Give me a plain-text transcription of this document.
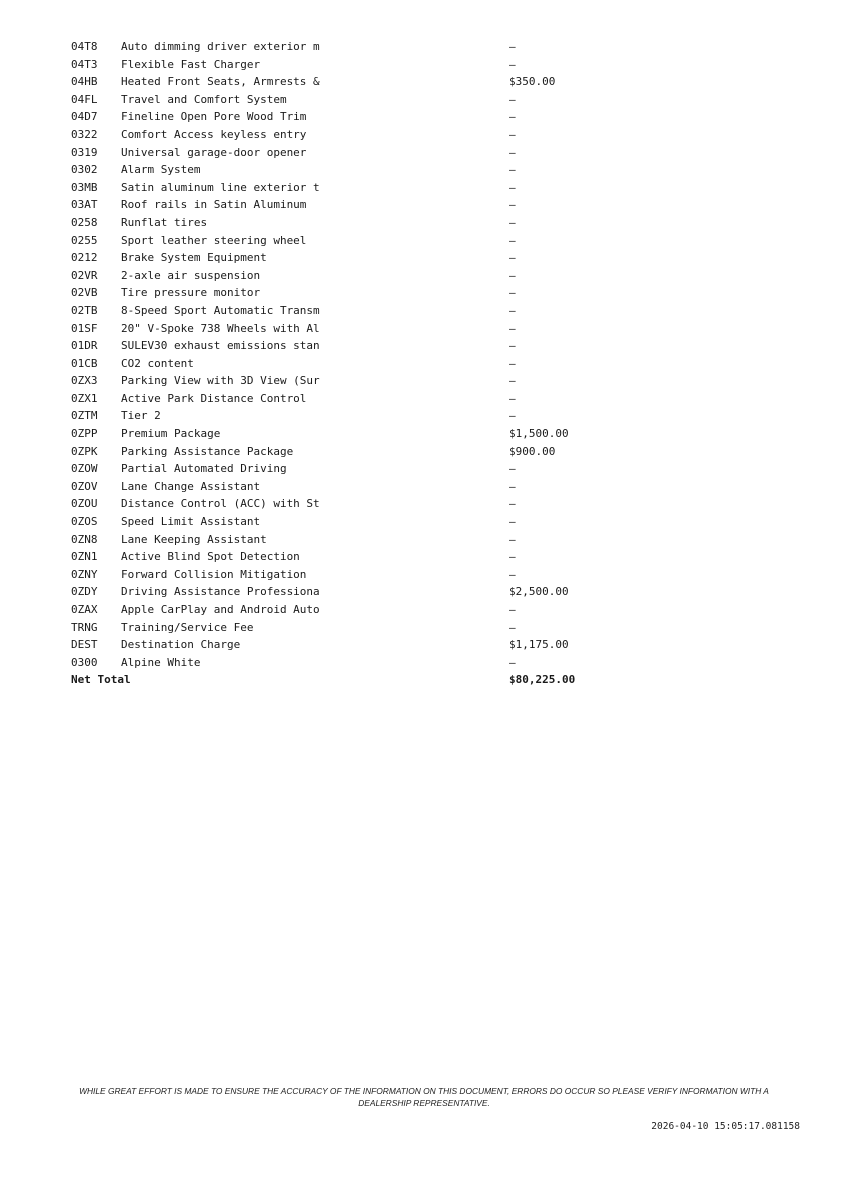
04T8 Auto dimming driver exterior m	—
04T3 Flexible Fast Charger	—
04HB Heated Front Seats, Armrests &	$350.00
04FL Travel and Comfort System	—
04D7 Fineline Open Pore Wood Trim	—
0322 Comfort Access keyless entry	—
0319 Universal garage-door opener	—
0302 Alarm System	—
03MB Satin aluminum line exterior t	—
03AT Roof rails in Satin Aluminum	—
0258 Runflat tires	—
0255 Sport leather steering wheel	—
0212 Brake System Equipment	—
02VR 2-axle air suspension	—
02VB Tire pressure monitor	—
02TB 8-Speed Sport Automatic Transm	—
01SF 20" V-Spoke 738 Wheels with Al	—
01DR SULEV30 exhaust emissions stan	—
01CB CO2 content	—
0ZX3 Parking View with 3D View (Sur	—
0ZX1 Active Park Distance Control	—
0ZTM Tier 2	—
0ZPP Premium Package	$1,500.00
0ZPK Parking Assistance Package	$900.00
0ZOW Partial Automated Driving	—
0ZOV Lane Change Assistant	—
0ZOU Distance Control (ACC) with St	—
0ZOS Speed Limit Assistant	—
0ZN8 Lane Keeping Assistant	—
0ZN1 Active Blind Spot Detection	—
0ZNY Forward Collision Mitigation	—
0ZDY Driving Assistance Professiona	$2,500.00
0ZAX Apple CarPlay and Android Auto	—
TRNG Training/Service Fee	—
DEST Destination Charge	$1,175.00
0300 Alpine White	—
Net Total	$80,225.00
WHILE GREAT EFFORT IS MADE TO ENSURE THE ACCURACY OF THE INFORMATION ON THIS DOCUMENT, ERRORS DO OCCUR SO PLEASE VERIFY INFORMATION WITH A DEALERSHIP REPRESENTATIVE.
2026-04-10 15:05:17.081158
